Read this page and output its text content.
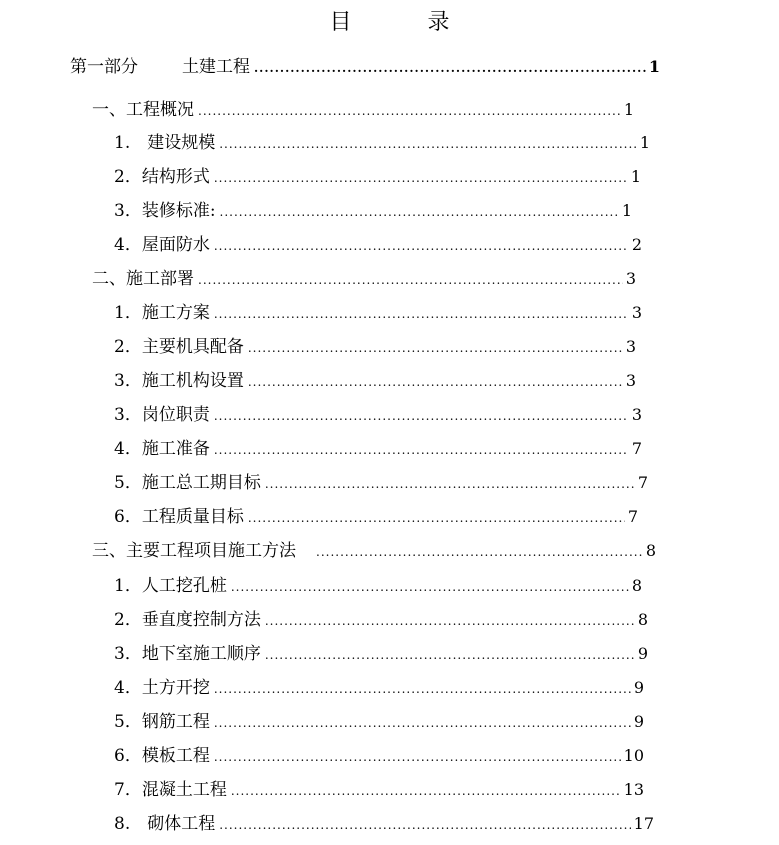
目	录
第一部分	土建工程 .....	1
一、工程概况 .....	1
1.　建设规模 .....	1
2．结构形式 .....	1
3．装修标准: .....	1
4．屋面防水 .....	2
二、施工部署 .....	3
1．施工方案 .....	3
2．主要机具配备 .....	3
3．施工机构设置 .....	3
3．岗位职责 .....	3
4．施工准备 .....	7
5．施工总工期目标 .....	7
6．工程质量目标 .....	7
三、主要工程项目施工方法 .....	8
1．人工挖孔桩 .....	8
2．垂直度控制方法 .....	8
3．地下室施工顺序 .....	9
4．土方开挖 .....	9
5．钢筋工程 .....	9
6．模板工程 .....	10
7．混凝土工程 .....	13
8.　砌体工程 .....	17
